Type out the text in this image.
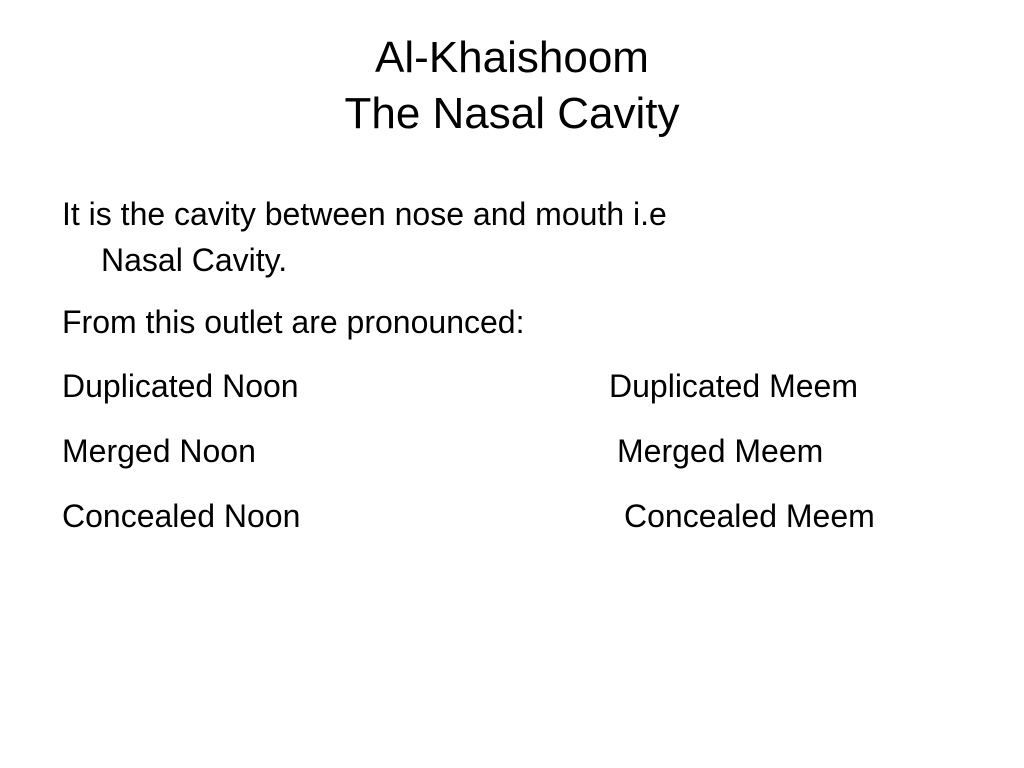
Al-Khaishoom
The Nasal Cavity
It is the cavity between nose and mouth i.e
Nasal Cavity.
From this outlet are pronounced:
Duplicated Noon	Duplicated Meem
Merged Noon	Merged Meem
Concealed Noon	Concealed Meem
